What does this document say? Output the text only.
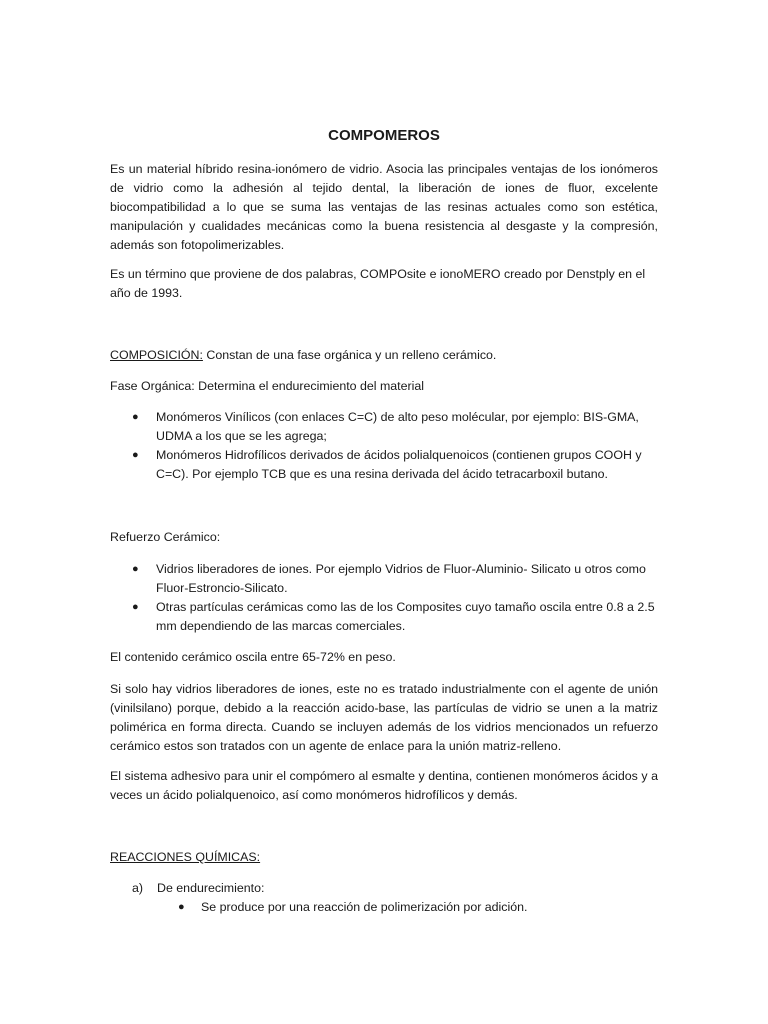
COMPOMEROS

Es un material híbrido resina-ionómero de vidrio. Asocia las principales ventajas de los ionómeros de vidrio como la adhesión al tejido dental, la liberación de iones de fluor, excelente biocompatibilidad a lo que se suma las ventajas de las resinas actuales como son estética, manipulación y cualidades mecánicas como la buena resistencia al desgaste y la compresión, además son fotopolimerizables.

Es un término que proviene de dos palabras, COMPOsite e ionoMERO creado por Denstply en el año de 1993.

COMPOSICIÓN: Constan de una fase orgánica y un relleno cerámico.

Fase Orgánica: Determina el endurecimiento del material

● Monómeros Vinílicos (con enlaces C=C) de alto peso molécular, por ejemplo: BIS-GMA, UDMA a los que se les agrega;
● Monómeros Hidrofílicos derivados de ácidos polialquenoicos (contienen grupos COOH y C=C). Por ejemplo TCB que es una resina derivada del ácido tetracarboxil butano.

Refuerzo Cerámico:

● Vidrios liberadores de iones. Por ejemplo Vidrios de Fluor-Aluminio- Silicato u otros como Fluor-Estroncio-Silicato.
● Otras partículas cerámicas como las de los Composites cuyo tamaño oscila entre 0.8 a 2.5 mm dependiendo de las marcas comerciales.

El contenido cerámico oscila entre 65-72% en peso.

Si solo hay vidrios liberadores de iones, este no es tratado industrialmente con el agente de unión (vinilsilano) porque, debido a la reacción acido-base, las partículas de vidrio se unen a la matriz polimérica en forma directa. Cuando se incluyen además de los vidrios mencionados un refuerzo cerámico estos son tratados con un agente de enlace para la unión matriz-relleno.

El sistema adhesivo para unir el compómero al esmalte y dentina, contienen monómeros ácidos y a veces un ácido polialquenoico, así como monómeros hidrofílicos y demás.

REACCIONES QUÍMICAS:

a) De endurecimiento:
● Se produce por una reacción de polimerización por adición.
